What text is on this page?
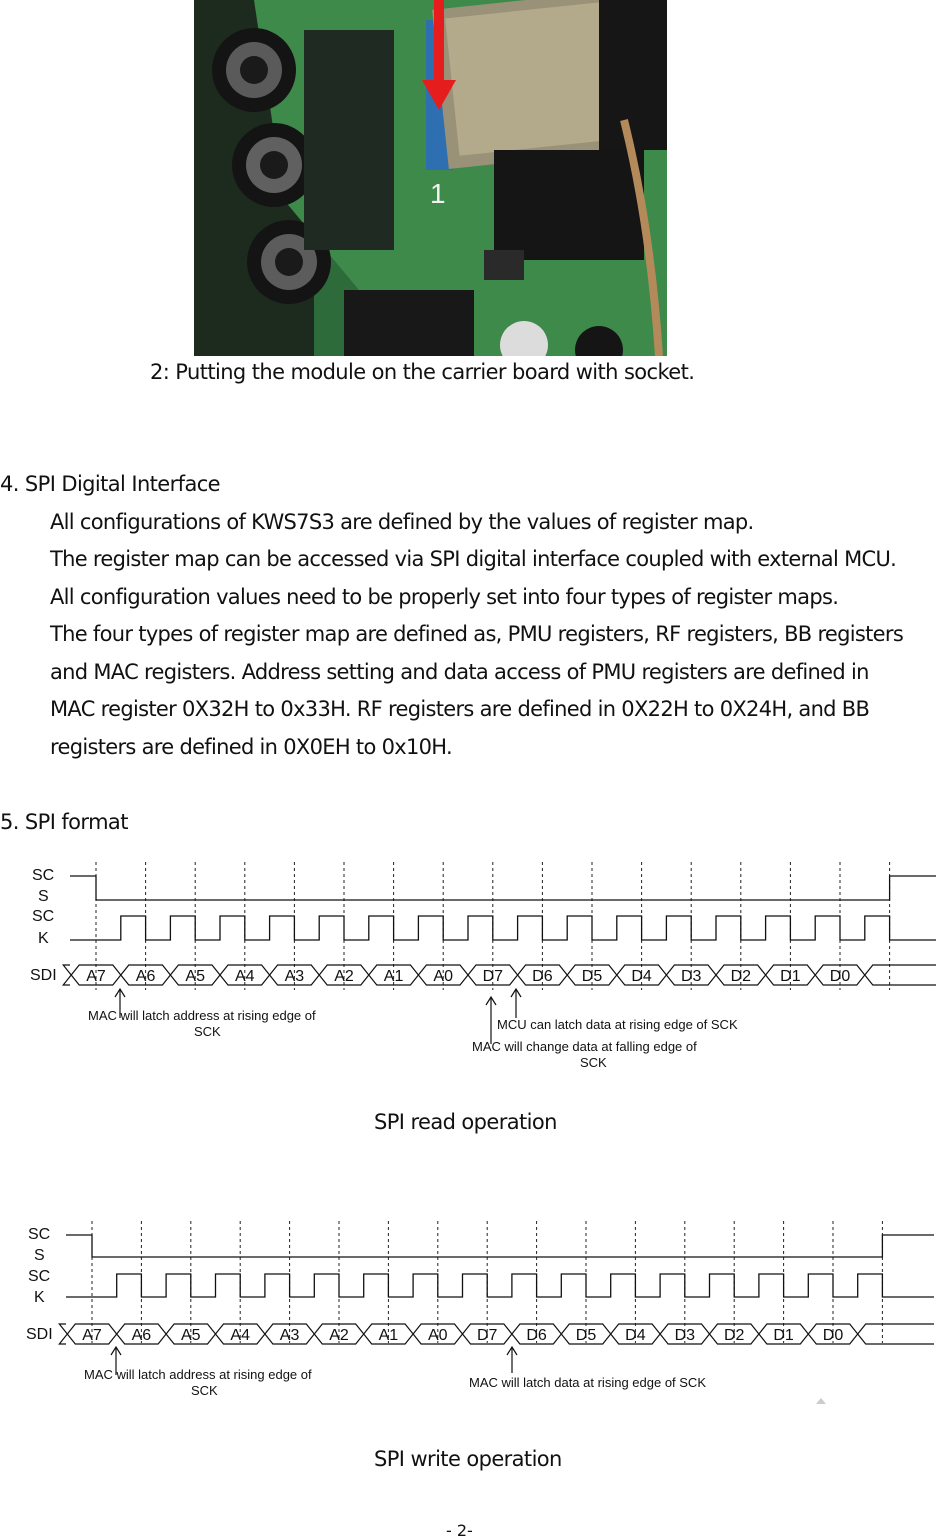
1
2: Putting the module on the carrier board with socket.
4. SPI Digital Interface
All configurations of KWS7S3 are defined by the values of register map.
The register map can be accessed via SPI digital interface coupled with external MCU.
All configuration values need to be properly set into four types of register maps.
The four types of register map are defined as, PMU registers, RF registers, BB registers
and MAC registers. Address setting and data access of PMU registers are defined in
MAC register 0X32H to 0x33H. RF registers are defined in 0X22H to 0X24H, and BB
registers are defined in 0X0EH to 0x10H.
5. SPI format
SC
S
SC
K
SDI A7 A6 A5 A4 A3 A2 A1 A0 D7 D6 D5 D4 D3 D2 D1 D0
MAC will latch address at rising edge of
SCK	MCU can latch data at rising edge of SCK
MAC will change data at falling edge of
SCK
SPI read operation
SC
S
SC
K
SDI A7 A6 A5 A4 A3 A2 A1 A0 D7 D6 D5 D4 D3 D2 D1 D0
MAC will latch address at rising edge of
SCK
MAC will latch data at rising edge of SCK
SPI write operation
- 2-
